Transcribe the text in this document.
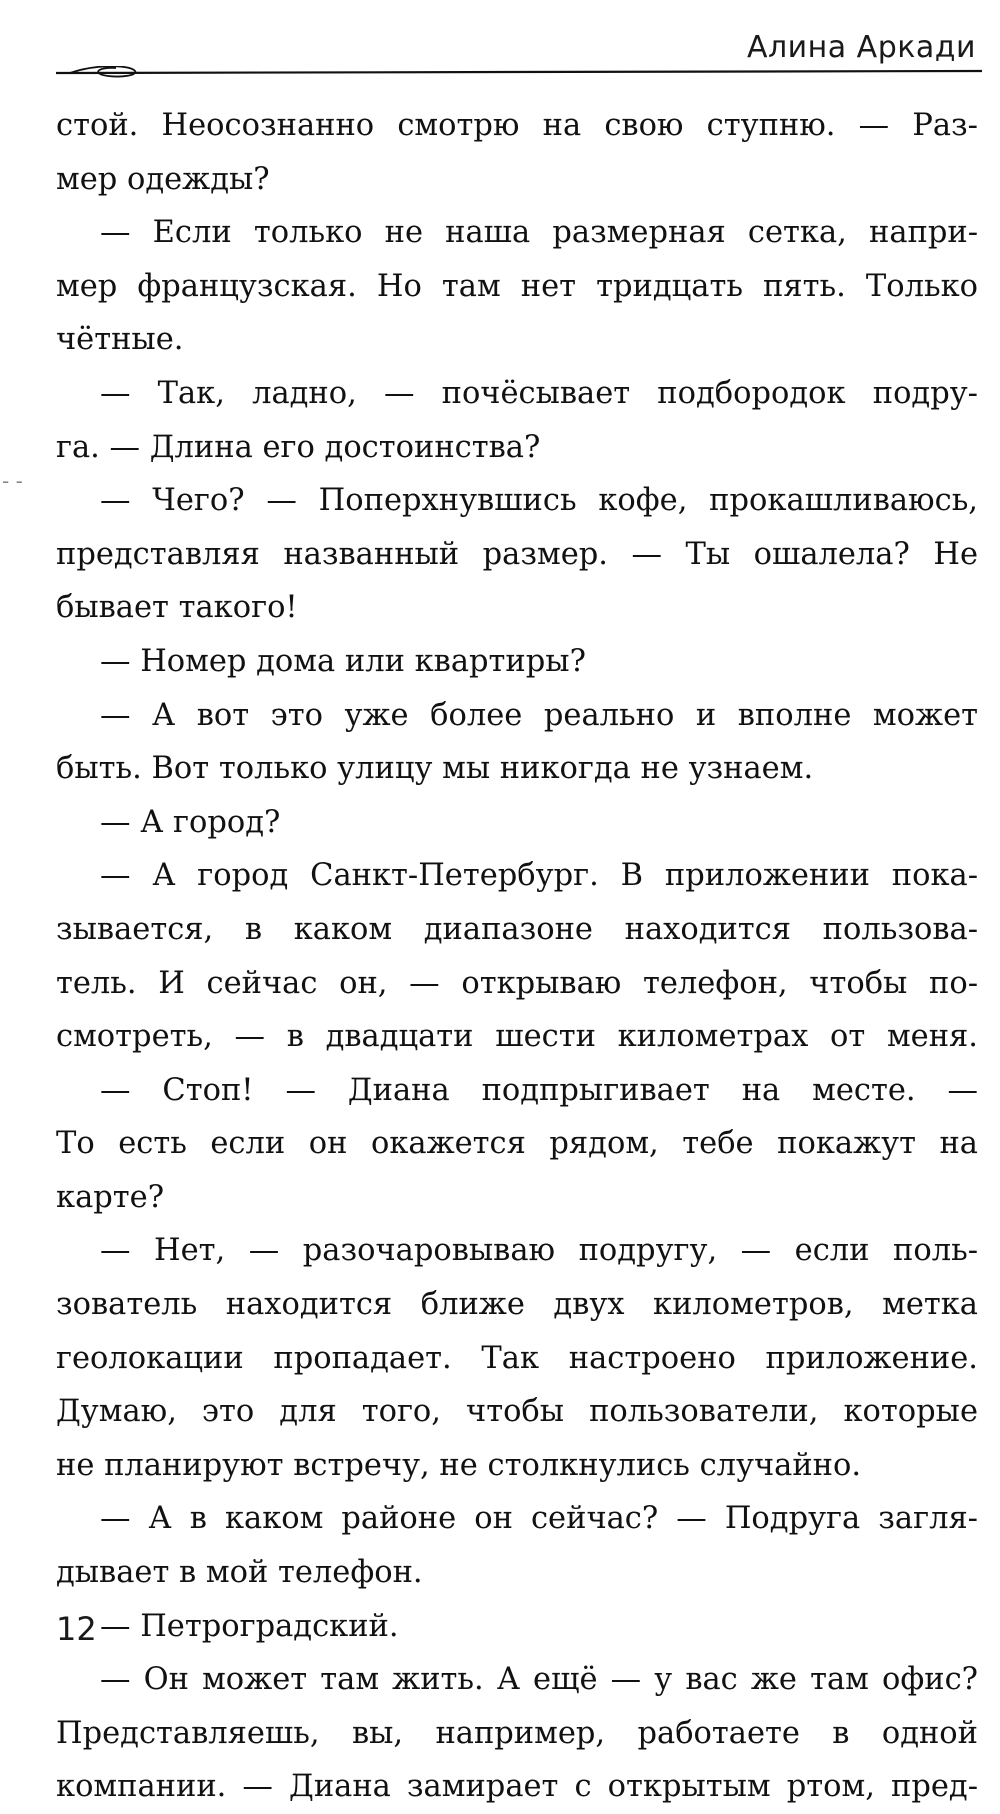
Алина Аркади
- -
стой. Неосознанно смотрю на свою ступню. — Раз-
мер одежды?
— Если только не наша размерная сетка, напри-
мер французская. Но там нет тридцать пять. Только
чётные.
— Так, ладно, — почёсывает подбородок подру-
га. — Длина его достоинства?
— Чего? — Поперхнувшись кофе, прокашливаюсь,
представляя названный размер. — Ты ошалела? Не
бывает такого!
— Номер дома или квартиры?
— А вот это уже более реально и вполне может
быть. Вот только улицу мы никогда не узнаем.
— А город?
— А город Санкт-Петербург. В приложении пока-
зывается, в каком диапазоне находится пользова-
тель. И сейчас он, — открываю телефон, чтобы по-
смотреть, — в двадцати шести километрах от меня.
— Стоп! — Диана подпрыгивает на месте. —
То есть если он окажется рядом, тебе покажут на
карте?
— Нет, — разочаровываю подругу, — если поль-
зователь находится ближе двух километров, метка
геолокации пропадает. Так настроено приложение.
Думаю, это для того, чтобы пользователи, которые
не планируют встречу, не столкнулись случайно.
— А в каком районе он сейчас? — Подруга загля-
дывает в мой телефон.
— Петроградский.
— Он может там жить. А ещё — у вас же там офис?
Представляешь, вы, например, работаете в одной
компании. — Диана замирает с открытым ртом, пред-
12
